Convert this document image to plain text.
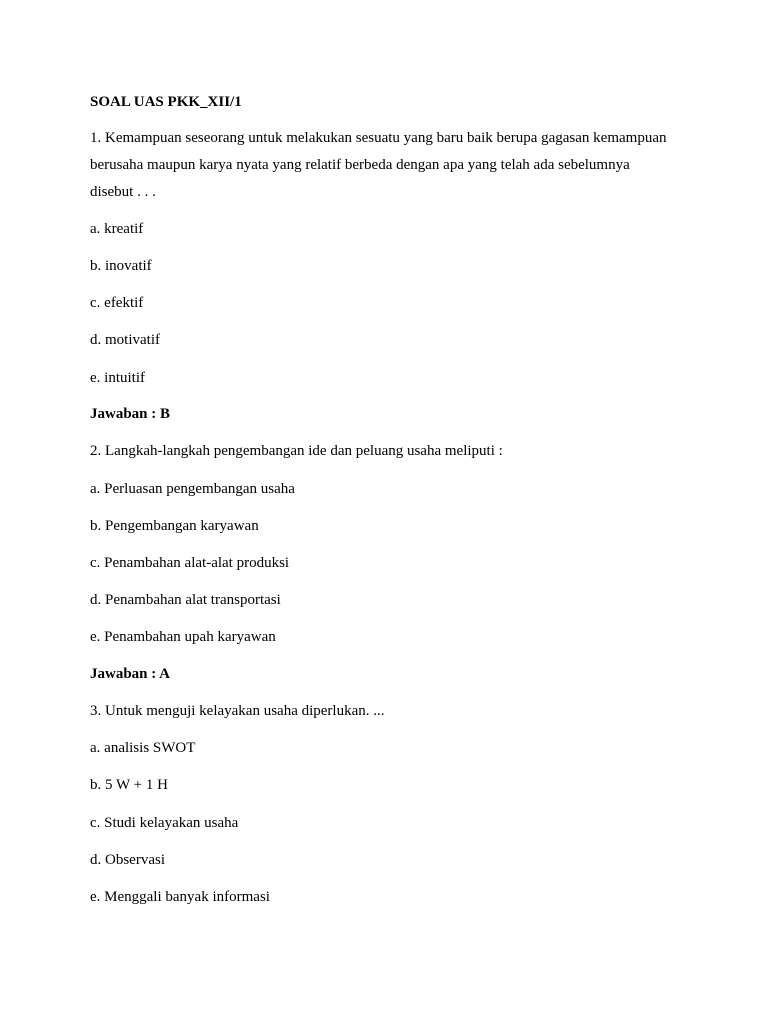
SOAL UAS PKK_XII/1

1. Kemampuan seseorang untuk melakukan sesuatu yang baru baik berupa gagasan kemampuan

berusaha maupun karya nyata yang relatif berbeda dengan apa yang telah ada sebelumnya

disebut . . .

a. kreatif

b. inovatif

c. efektif

d. motivatif

e. intuitif

Jawaban : B

2. Langkah-langkah pengembangan ide dan peluang usaha meliputi :

a. Perluasan pengembangan usaha

b. Pengembangan karyawan

c. Penambahan alat-alat produksi

d. Penambahan alat transportasi

e. Penambahan upah karyawan

Jawaban : A

3. Untuk menguji kelayakan usaha diperlukan. ...

a. analisis SWOT

b. 5 W + 1 H

c. Studi kelayakan usaha

d. Observasi

e. Menggali banyak informasi
